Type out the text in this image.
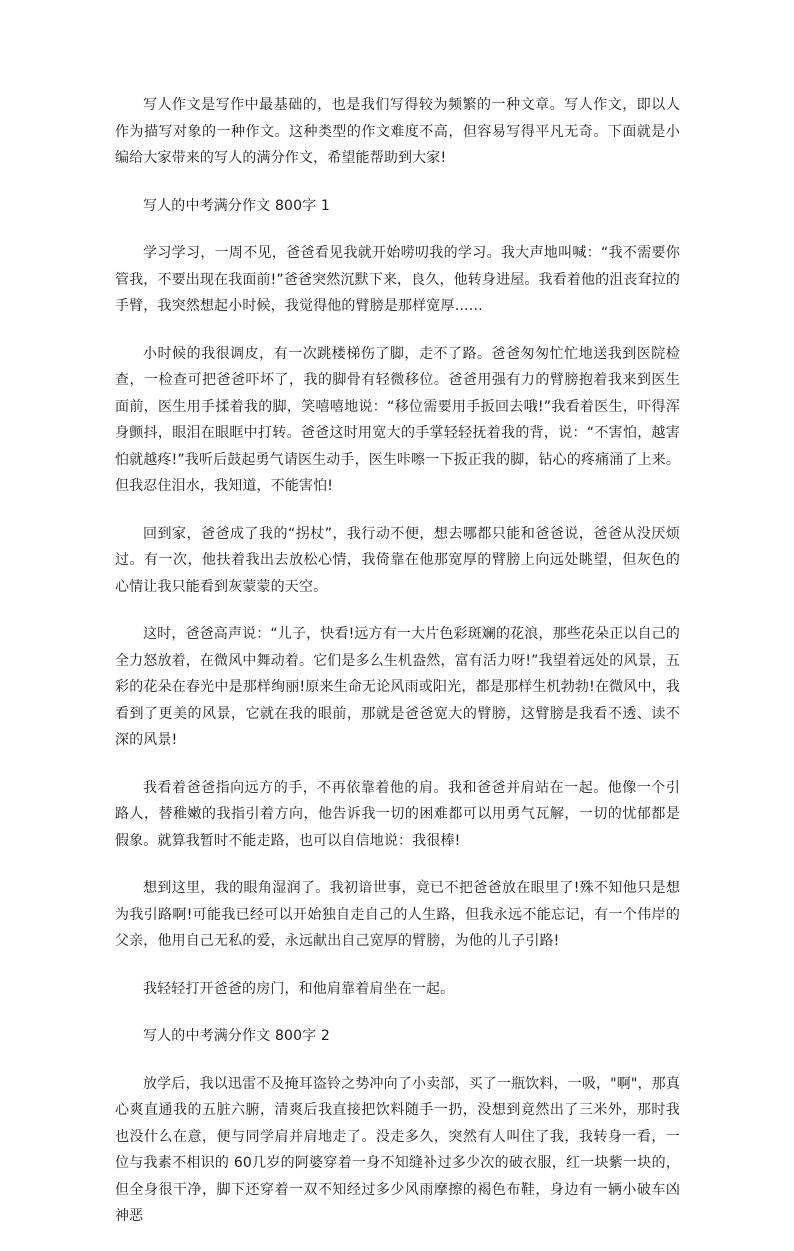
写人作文是写作中最基础的，也是我们写得较为频繁的一种文章。写人作文，即以人作为描写对象的一种作文。这种类型的作文难度不高，但容易写得平凡无奇。下面就是小编给大家带来的写人的满分作文，希望能帮助到大家!

写人的中考满分作文 800字 1

学习学习，一周不见，爸爸看见我就开始唠叨我的学习。我大声地叫喊：“我不需要你管我，不要出现在我面前!”爸爸突然沉默下来，良久，他转身进屋。我看着他的沮丧耷拉的手臂，我突然想起小时候，我觉得他的臂膀是那样宽厚……

小时候的我很调皮，有一次跳楼梯伤了脚，走不了路。爸爸匆匆忙忙地送我到医院检查，一检查可把爸爸吓坏了，我的脚骨有轻微移位。爸爸用强有力的臂膀抱着我来到医生面前，医生用手揉着我的脚，笑嘻嘻地说：“移位需要用手扳回去哦!”我看着医生，吓得浑身颤抖，眼泪在眼眶中打转。爸爸这时用宽大的手掌轻轻抚着我的背，说：“不害怕，越害怕就越疼!”我听后鼓起勇气请医生动手，医生咔嚓一下扳正我的脚，钻心的疼痛涌了上来。但我忍住泪水，我知道，不能害怕!

回到家，爸爸成了我的“拐杖”，我行动不便，想去哪都只能和爸爸说，爸爸从没厌烦过。有一次，他扶着我出去放松心情，我倚靠在他那宽厚的臂膀上向远处眺望，但灰色的心情让我只能看到灰蒙蒙的天空。

这时，爸爸高声说：“儿子，快看!远方有一大片色彩斑斓的花浪，那些花朵正以自己的全力怒放着，在微风中舞动着。它们是多么生机盎然，富有活力呀!”我望着远处的风景，五彩的花朵在春光中是那样绚丽!原来生命无论风雨或阳光，都是那样生机勃勃!在微风中，我看到了更美的风景，它就在我的眼前，那就是爸爸宽大的臂膀，这臂膀是我看不透、读不深的风景!

我看着爸爸指向远方的手，不再依靠着他的肩。我和爸爸并肩站在一起。他像一个引路人，替稚嫩的我指引着方向，他告诉我一切的困难都可以用勇气瓦解，一切的忧郁都是假象。就算我暂时不能走路，也可以自信地说：我很棒!

想到这里，我的眼角湿润了。我初谙世事，竟已不把爸爸放在眼里了!殊不知他只是想为我引路啊!可能我已经可以开始独自走自己的人生路，但我永远不能忘记，有一个伟岸的父亲，他用自己无私的爱，永远献出自己宽厚的臂膀，为他的儿子引路!

我轻轻打开爸爸的房门，和他肩靠着肩坐在一起。

写人的中考满分作文 800字 2

放学后，我以迅雷不及掩耳盗铃之势冲向了小卖部，买了一瓶饮料，一吸，"啊"，那真心爽直通我的五脏六腑，清爽后我直接把饮料随手一扔，没想到竟然出了三米外，那时我也没什么在意，便与同学肩并肩地走了。没走多久，突然有人叫住了我，我转身一看，一位与我素不相识的 60几岁的阿婆穿着一身不知缝补过多少次的破衣服，红一块紫一块的，但全身很干净，脚下还穿着一双不知经过多少风雨摩擦的褐色布鞋，身边有一辆小破车凶神恶
